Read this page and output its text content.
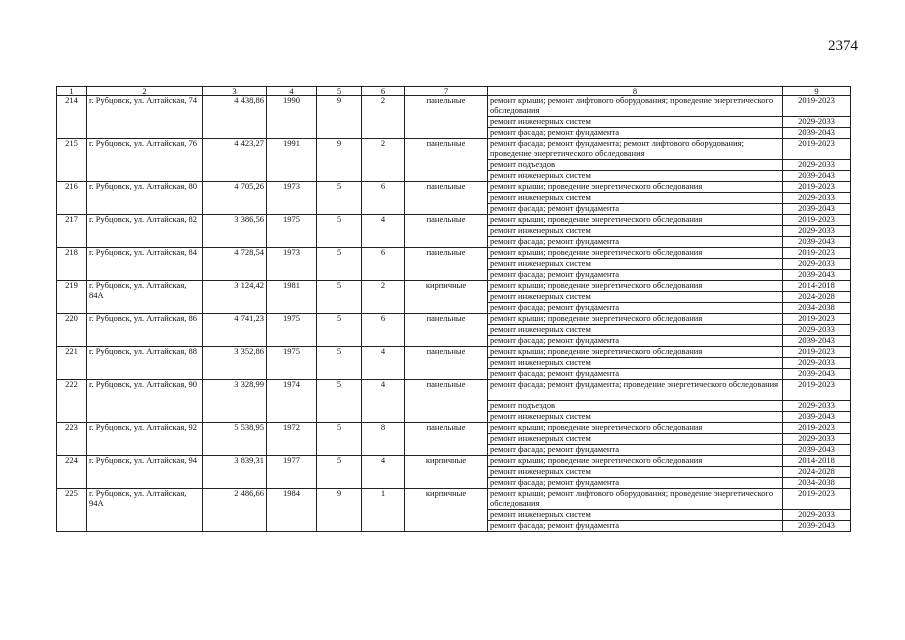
2374
1	2	3	4	5	6	7	8	9
214	г. Рубцовск, ул. Алтайская, 74	4 438,86	1990	9	2	панельные	ремонт крыши; ремонт лифтового оборудования; проведение энергетического обследования	2019-2023
							ремонт инженерных систем	2029-2033
							ремонт фасада; ремонт фундамента	2039-2043
215	г. Рубцовск, ул. Алтайская, 76	4 423,27	1991	9	2	панельные	ремонт фасада; ремонт фундамента; ремонт лифтового оборудования; проведение энергетического обследования	2019-2023
							ремонт подъездов	2029-2033
							ремонт инженерных систем	2039-2043
216	г. Рубцовск, ул. Алтайская, 80	4 705,26	1973	5	6	панельные	ремонт крыши; проведение энергетического обследования	2019-2023
							ремонт инженерных систем	2029-2033
							ремонт фасада; ремонт фундамента	2039-2043
217	г. Рубцовск, ул. Алтайская, 82	3 386,56	1975	5	4	панельные	ремонт крыши; проведение энергетического обследования	2019-2023
							ремонт инженерных систем	2029-2033
							ремонт фасада; ремонт фундамента	2039-2043
218	г. Рубцовск, ул. Алтайская, 84	4 728,54	1973	5	6	панельные	ремонт крыши; проведение энергетического обследования	2019-2023
							ремонт инженерных систем	2029-2033
							ремонт фасада; ремонт фундамента	2039-2043
219	г. Рубцовск, ул. Алтайская, 84А	3 124,42	1981	5	2	кирпичные	ремонт крыши; проведение энергетического обследования	2014-2018
							ремонт инженерных систем	2024-2028
							ремонт фасада; ремонт фундамента	2034-2038
220	г. Рубцовск, ул. Алтайская, 86	4 741,23	1975	5	6	панельные	ремонт крыши; проведение энергетического обследования	2019-2023
							ремонт инженерных систем	2029-2033
							ремонт фасада; ремонт фундамента	2039-2043
221	г. Рубцовск, ул. Алтайская, 88	3 352,86	1975	5	4	панельные	ремонт крыши; проведение энергетического обследования	2019-2023
							ремонт инженерных систем	2029-2033
							ремонт фасада; ремонт фундамента	2039-2043
222	г. Рубцовск, ул. Алтайская, 90	3 328,99	1974	5	4	панельные	ремонт фасада; ремонт фундамента; проведение энергетического обследования	2019-2023
							ремонт подъездов	2029-2033
							ремонт инженерных систем	2039-2043
223	г. Рубцовск, ул. Алтайская, 92	5 538,95	1972	5	8	панельные	ремонт крыши; проведение энергетического обследования	2019-2023
							ремонт инженерных систем	2029-2033
							ремонт фасада; ремонт фундамента	2039-2043
224	г. Рубцовск, ул. Алтайская, 94	3 839,31	1977	5	4	кирпичные	ремонт крыши; проведение энергетического обследования	2014-2018
							ремонт инженерных систем	2024-2028
							ремонт фасада; ремонт фундамента	2034-2038
225	г. Рубцовск, ул. Алтайская, 94А	2 486,66	1984	9	1	кирпичные	ремонт крыши; ремонт лифтового оборудования; проведение энергетического обследования	2019-2023
							ремонт инженерных систем	2029-2033
							ремонт фасада; ремонт фундамента	2039-2043
